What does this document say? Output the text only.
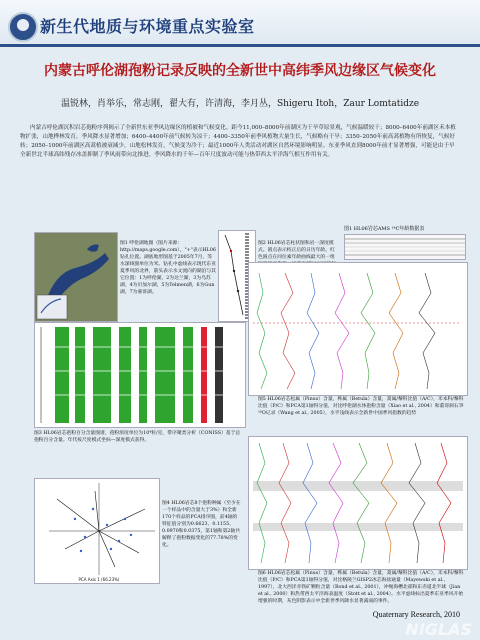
新生代地质与环境重点实验室
内蒙古呼伦湖孢粉记录反映的全新世中高纬季风边缘区气候变化
温锐林，肖举乐，常志刚，翟大有，许清海，李月丛，Shigeru Itoh，Zaur Lomtatidze
内蒙古呼伦湖沉积岩芯孢粉序列揭示了全新世东亚季风边缘区的植被和气候变化。距今11,000–8000年前湖区为干旱草原景观，气候温暖较干；8000–6400年前湖区禾本植物扩张，山地桦林发育，季风降水显著增加；6400–4400年前气候转为凉干；4400–3350年前季风植物大量生长，气候略有干旱；3350–2050年前高蒿植物有所恢复，气候好转；2050–1000年前湖区高蒿植被衰减少，山地松林发育，气候变为冷干；最近1000年人类活动对湖区自然环境影响明显。东亚季风直到8000年前才显著增强，可能是由于早全新世北半球高纬残存冰盖抑制了季风雨带向北推进。季风降水的千年—百年尺度波动可能与热带西太平洋海气相互作用有关。
图1 呼伦湖地图（图片来源：http://maps.google.com）。"+"表示HL06钻孔位置。湖底地形图基于2005年7月，等水深线图单位为米。钻孔中虚线表示现代东亚夏季风的北界，箭头表示水文流向的湖泊与其它位置：1为呼伦湖，2为达兰湖，3为乌苏湖，4为贝加尔湖，5为Telmen湖，6为Gun湖，7为蒙哥湖。
图2 HL06岩芯柱状图和岩一深度模式。圆点表示校正后的日历年龄。红色圆点在同位素年龄曲线最大的一组
图1 HL06岩芯AMS ¹⁴C年龄数据表
图5 HL06岩芯松属（Pinus）含量，桦属（Betula）含量，蒿属/藜科比值（A/C），禾本科/藜科比值（P/C）和PCA第1轴得分值，对比呼伦湖水体孢粉含量（Xiao et al., 2004）和董哥洞石笋¹⁸O记录（Wang et al., 2005），水平浅线表示全新世中国季风指数的趋势
图3 HL06岩芯孢粉百分含量图谱，孢粉浓度单位为10⁴粒/克，带序聚类分析（CONISS）基于总孢粉百分含量。年代按尺度模式坐标—深度模式获得。
PCA Axis 1 (66.23%)
图4 HL06岩芯8个孢粉种属（至少在一个样品中的含量大于3%）和全新170个样品的PCA排序图，前4轴的特征值分别为0.6623、0.1155、0.0970和0.0375，第1轴和第2轴共解释了孢粉数据变化的77.78%的变化。
图6 HL06岩芯松属（Pinus）含量，桦属（Betula）含量，蒿属/藜科比值（A/C），禾本科/藜科比值（P/C）和PCA第1轴得分值，对比格陵兰GISP2冰芯海盐通量（Mayewski et al., 1997），北大西洋赤铁矿颗粒含量（Bond et al., 2001），冲绳海槽北部和东赤道北半球（Jian et al., 2000）和热带西太平洋海表温度（Stott et al., 2004）。水平虚线标出夏季东亚季风开始增强的时期，灰色阴影表示中全新世季风降水显著减弱的事件。
Quaternary Research, 2010
NIGLAS
